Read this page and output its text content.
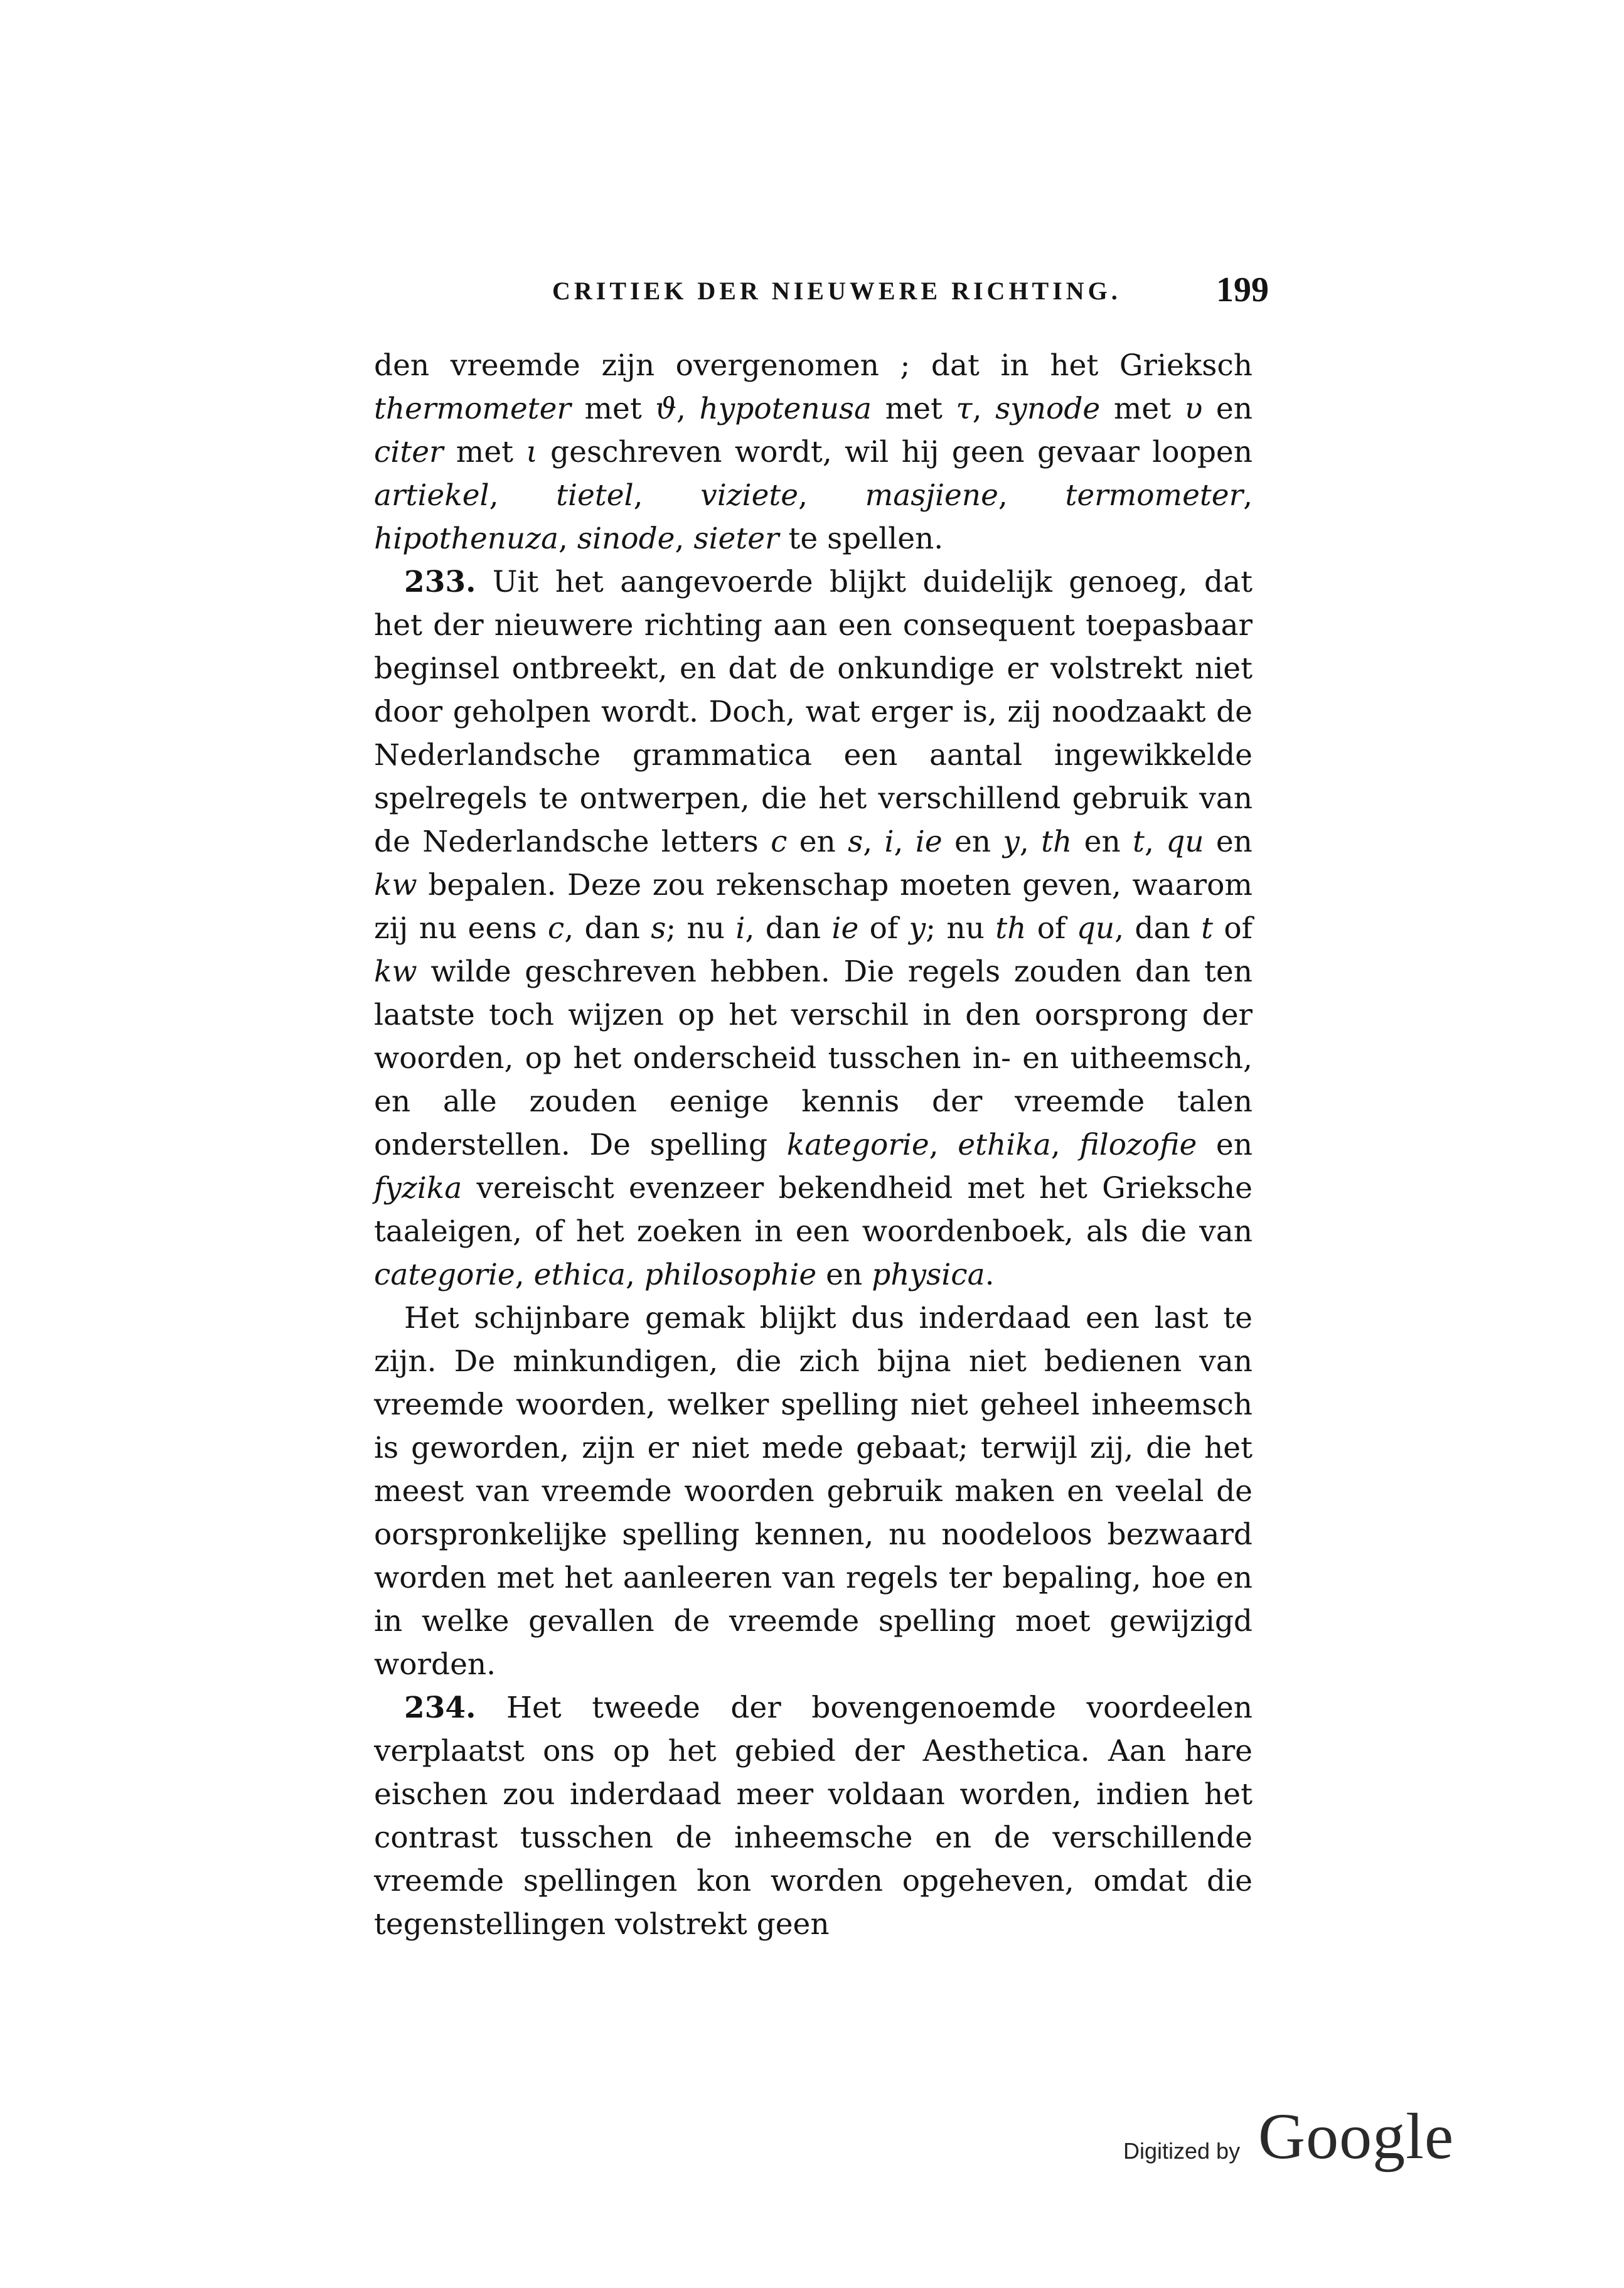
CRITIEK DER NIEUWERE RICHTING.	199

den vreemde zijn overgenomen ; dat in het Grieksch thermometer met ϑ, hypotenusa met τ, synode met υ en citer met ι geschreven wordt, wil hij geen gevaar loopen artiekel, tietel, viziete, masjiene, termometer, hipothenuza, sinode, sieter te spellen.

233. Uit het aangevoerde blijkt duidelijk genoeg, dat het der nieuwere richting aan een consequent toepasbaar beginsel ontbreekt, en dat de onkundige er volstrekt niet door geholpen wordt. Doch, wat erger is, zij noodzaakt de Nederlandsche grammatica een aantal ingewikkelde spelregels te ontwerpen, die het verschillend gebruik van de Nederlandsche letters c en s, i, ie en y, th en t, qu en kw bepalen. Deze zou rekenschap moeten geven, waarom zij nu eens c, dan s; nu i, dan ie of y; nu th of qu, dan t of kw wilde geschreven hebben. Die regels zouden dan ten laatste toch wijzen op het verschil in den oorsprong der woorden, op het onderscheid tusschen in- en uitheemsch, en alle zouden eenige kennis der vreemde talen onderstellen. De spelling kategorie, ethika, filozofie en fyzika vereischt evenzeer bekendheid met het Grieksche taaleigen, of het zoeken in een woordenboek, als die van categorie, ethica, philosophie en physica.

Het schijnbare gemak blijkt dus inderdaad een last te zijn. De minkundigen, die zich bijna niet bedienen van vreemde woorden, welker spelling niet geheel inheemsch is geworden, zijn er niet mede gebaat; terwijl zij, die het meest van vreemde woorden gebruik maken en veelal de oorspronkelijke spelling kennen, nu noodeloos bezwaard worden met het aanleeren van regels ter bepaling, hoe en in welke gevallen de vreemde spelling moet gewijzigd worden.

234. Het tweede der bovengenoemde voordeelen verplaatst ons op het gebied der Aesthetica. Aan hare eischen zou inderdaad meer voldaan worden, indien het contrast tusschen de inheemsche en de verschillende vreemde spellingen kon worden opgeheven, omdat die tegenstellingen volstrekt geen

Digitized by Google
